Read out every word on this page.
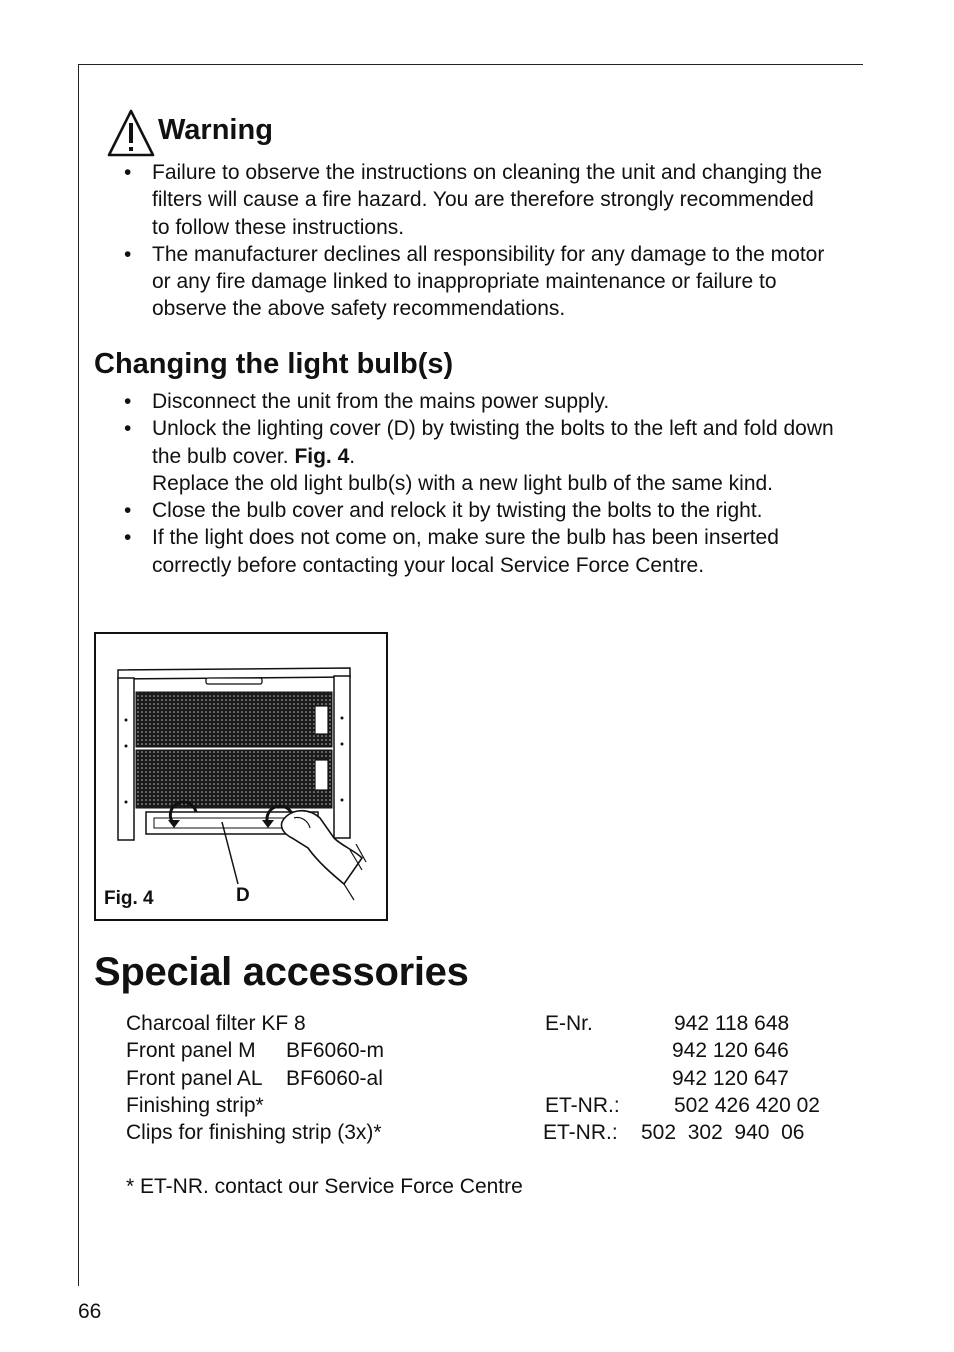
Warning
• Failure to observe the instructions on cleaning the unit and changing the filters will cause a fire hazard. You are therefore strongly recommended to follow these instructions.
• The manufacturer declines all responsibility for any damage to the motor or any fire damage linked to inappropriate maintenance or failure to observe the above safety recommendations.
Changing the light bulb(s)
• Disconnect the unit from the mains power supply.
• Unlock the lighting cover (D) by twisting the bolts to the left and fold down the bulb cover. Fig. 4.
Replace the old light bulb(s) with a new light bulb of the same kind.
• Close the bulb cover and relock it by twisting the bolts to the right.
• If the light does not come on, make sure the bulb has been inserted correctly before contacting your local Service Force Centre.
Fig. 4	D
Special accessories
Charcoal filter KF 8	E-Nr.	942 118 648
Front panel M BF6060-m	942 120 646
Front panel AL BF6060-al	942 120 647
Finishing strip*	ET-NR.:	502 426 420 02
Clips for finishing strip (3x)*	ET-NR.: 502  302  940  06
* ET-NR. contact our Service Force Centre
66
